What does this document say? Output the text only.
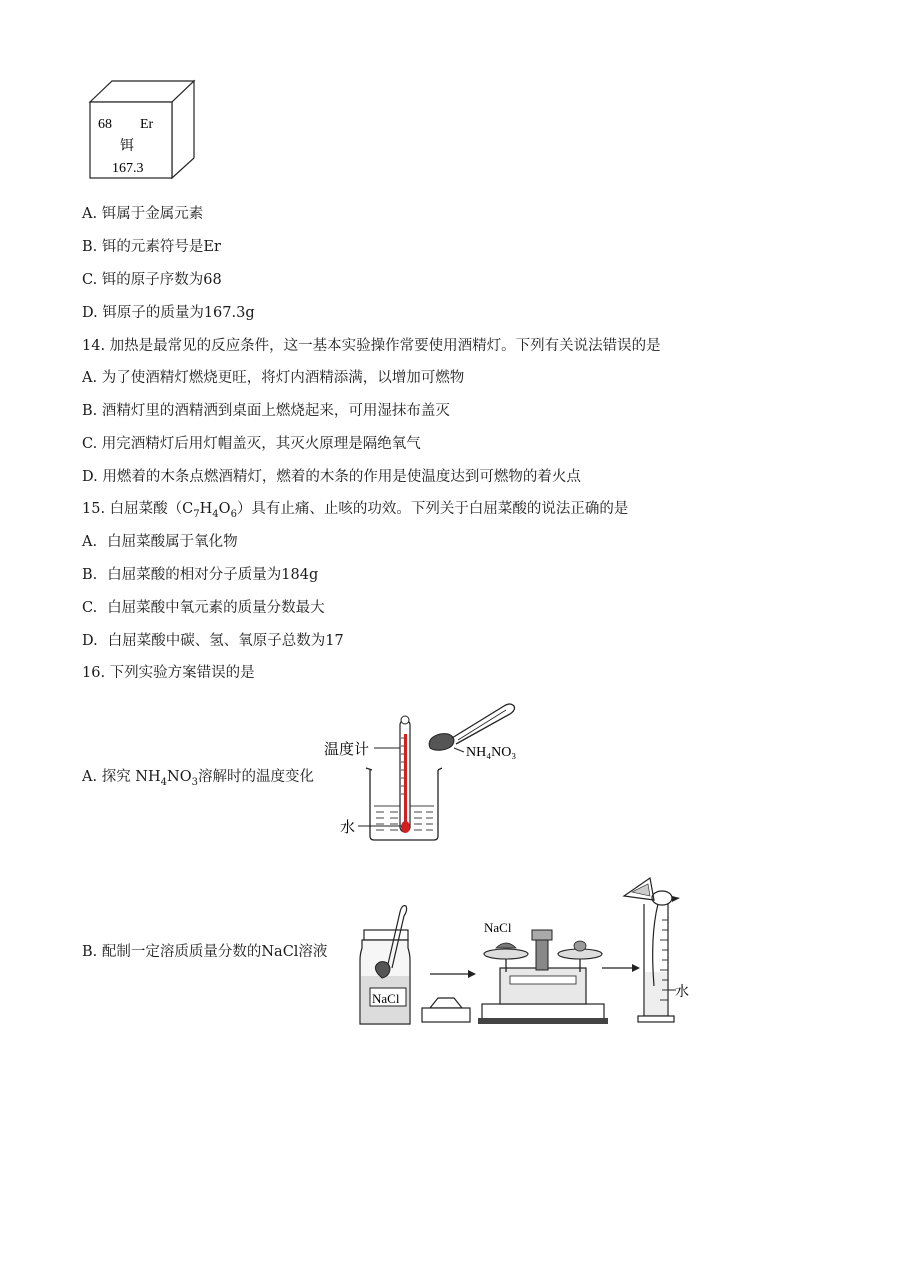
68 Er
铒
167.3
A. 铒属于金属元素
B. 铒的元素符号是Er
C. 铒的原子序数为68
D. 铒原子的质量为167.3g
14. 加热是最常见的反应条件，这一基本实验操作常要使用酒精灯。下列有关说法错误的是
A. 为了使酒精灯燃烧更旺，将灯内酒精添满，以增加可燃物
B. 酒精灯里的酒精洒到桌面上燃烧起来，可用湿抹布盖灭
C. 用完酒精灯后用灯帽盖灭，其灭火原理是隔绝氧气
D. 用燃着的木条点燃酒精灯，燃着的木条的作用是使温度达到可燃物的着火点
15. 白屈菜酸$(C_7H_4O_6)$具有止痛、止咳的功效。下列关于白屈菜酸的说法正确的是
A. 白屈菜酸属于氧化物
B. 白屈菜酸的相对分子质量为184g
C. 白屈菜酸中氧元素的质量分数最大
D. 白屈菜酸中碳、氢、氧原子总数为17
16. 下列实验方案错误的是
A. 探究 $NH_4NO_3$溶解时的温度变化
温度计	NH₄NO₃
水
B. 配制一定溶质质量分数的NaCl溶液
NaCl
NaCl
水
